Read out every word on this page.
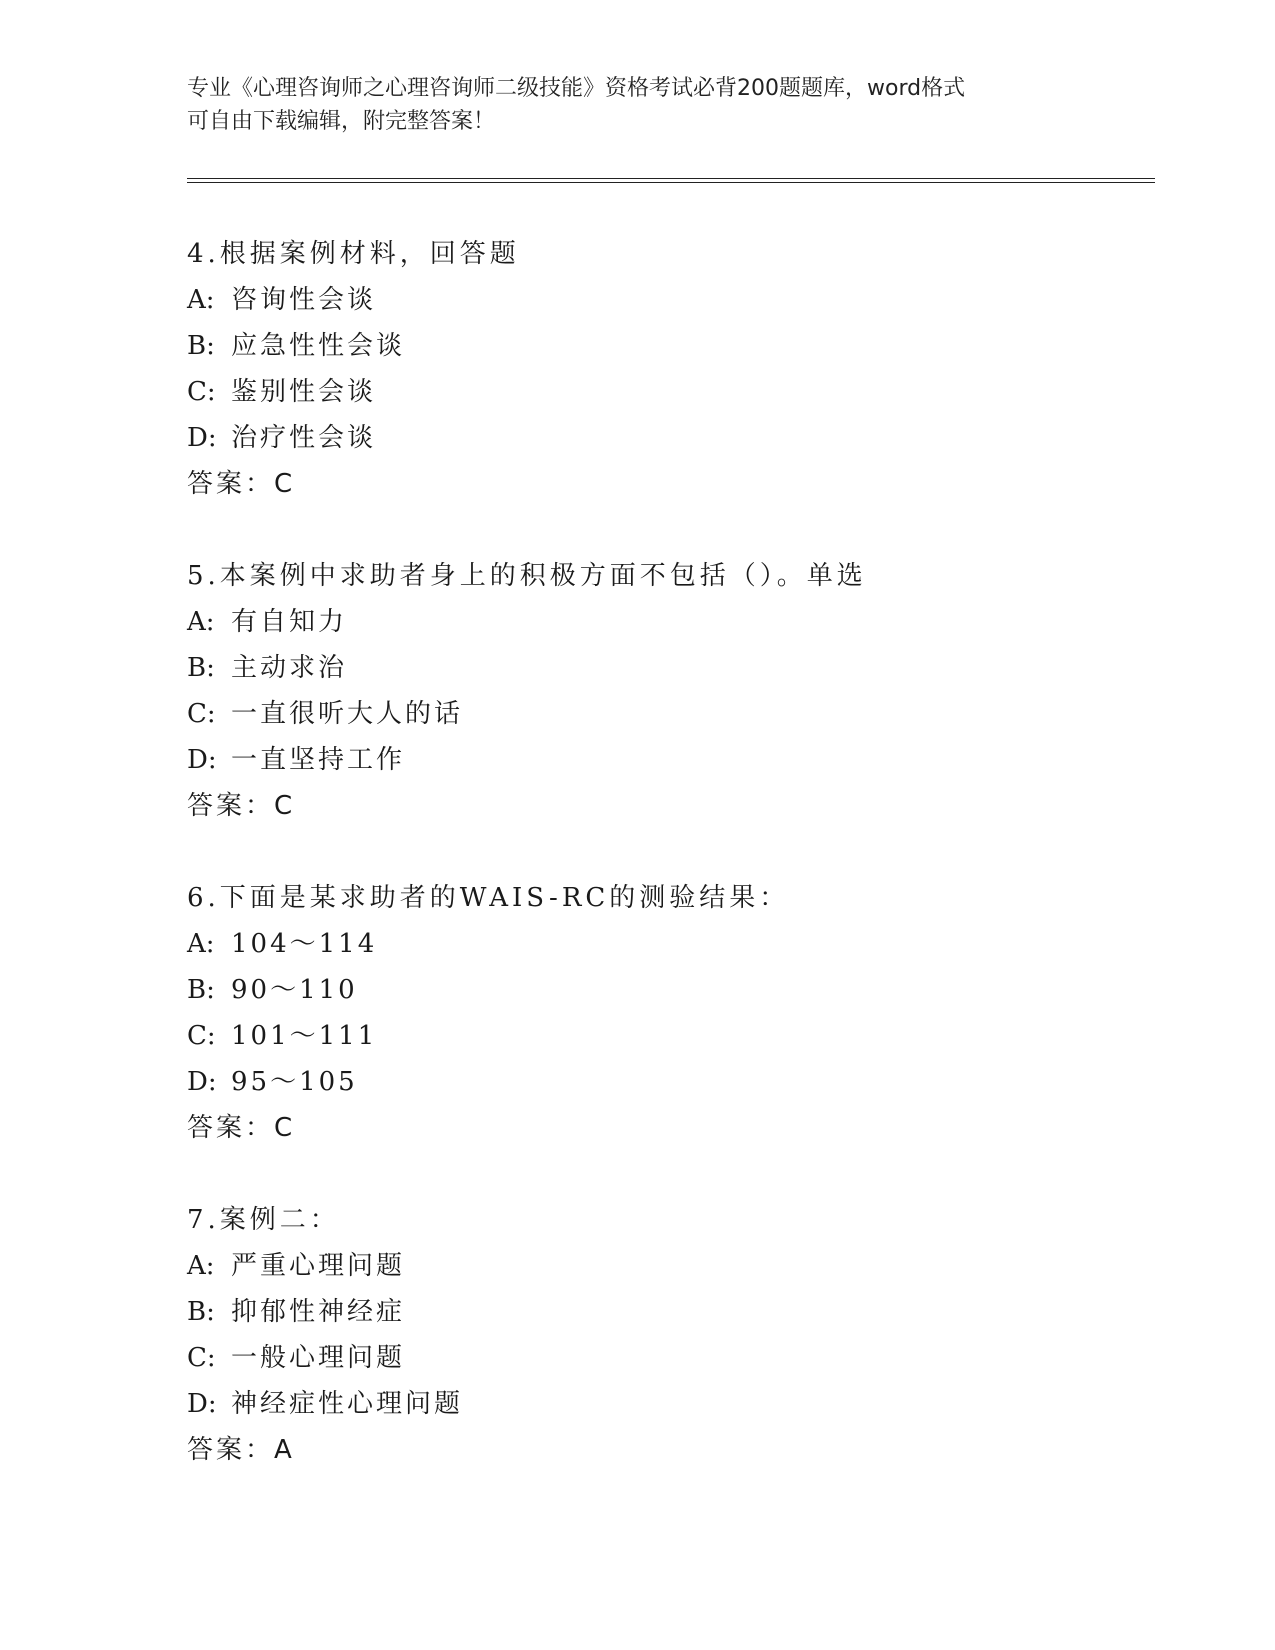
专业《心理咨询师之心理咨询师二级技能》资格考试必背200题题库，word格式
可自由下载编辑，附完整答案！
4.根据案例材料，回答题
A: 咨询性会谈
B: 应急性性会谈
C: 鉴别性会谈
D: 治疗性会谈
答案：C
5.本案例中求助者身上的积极方面不包括（）。单选
A: 有自知力
B: 主动求治
C: 一直很听大人的话
D: 一直坚持工作
答案：C
6.下面是某求助者的WAIS-RC的测验结果：
A: 104～114
B: 90～110
C: 101～111
D: 95～105
答案：C
7.案例二：
A: 严重心理问题
B: 抑郁性神经症
C: 一般心理问题
D: 神经症性心理问题
答案：A
